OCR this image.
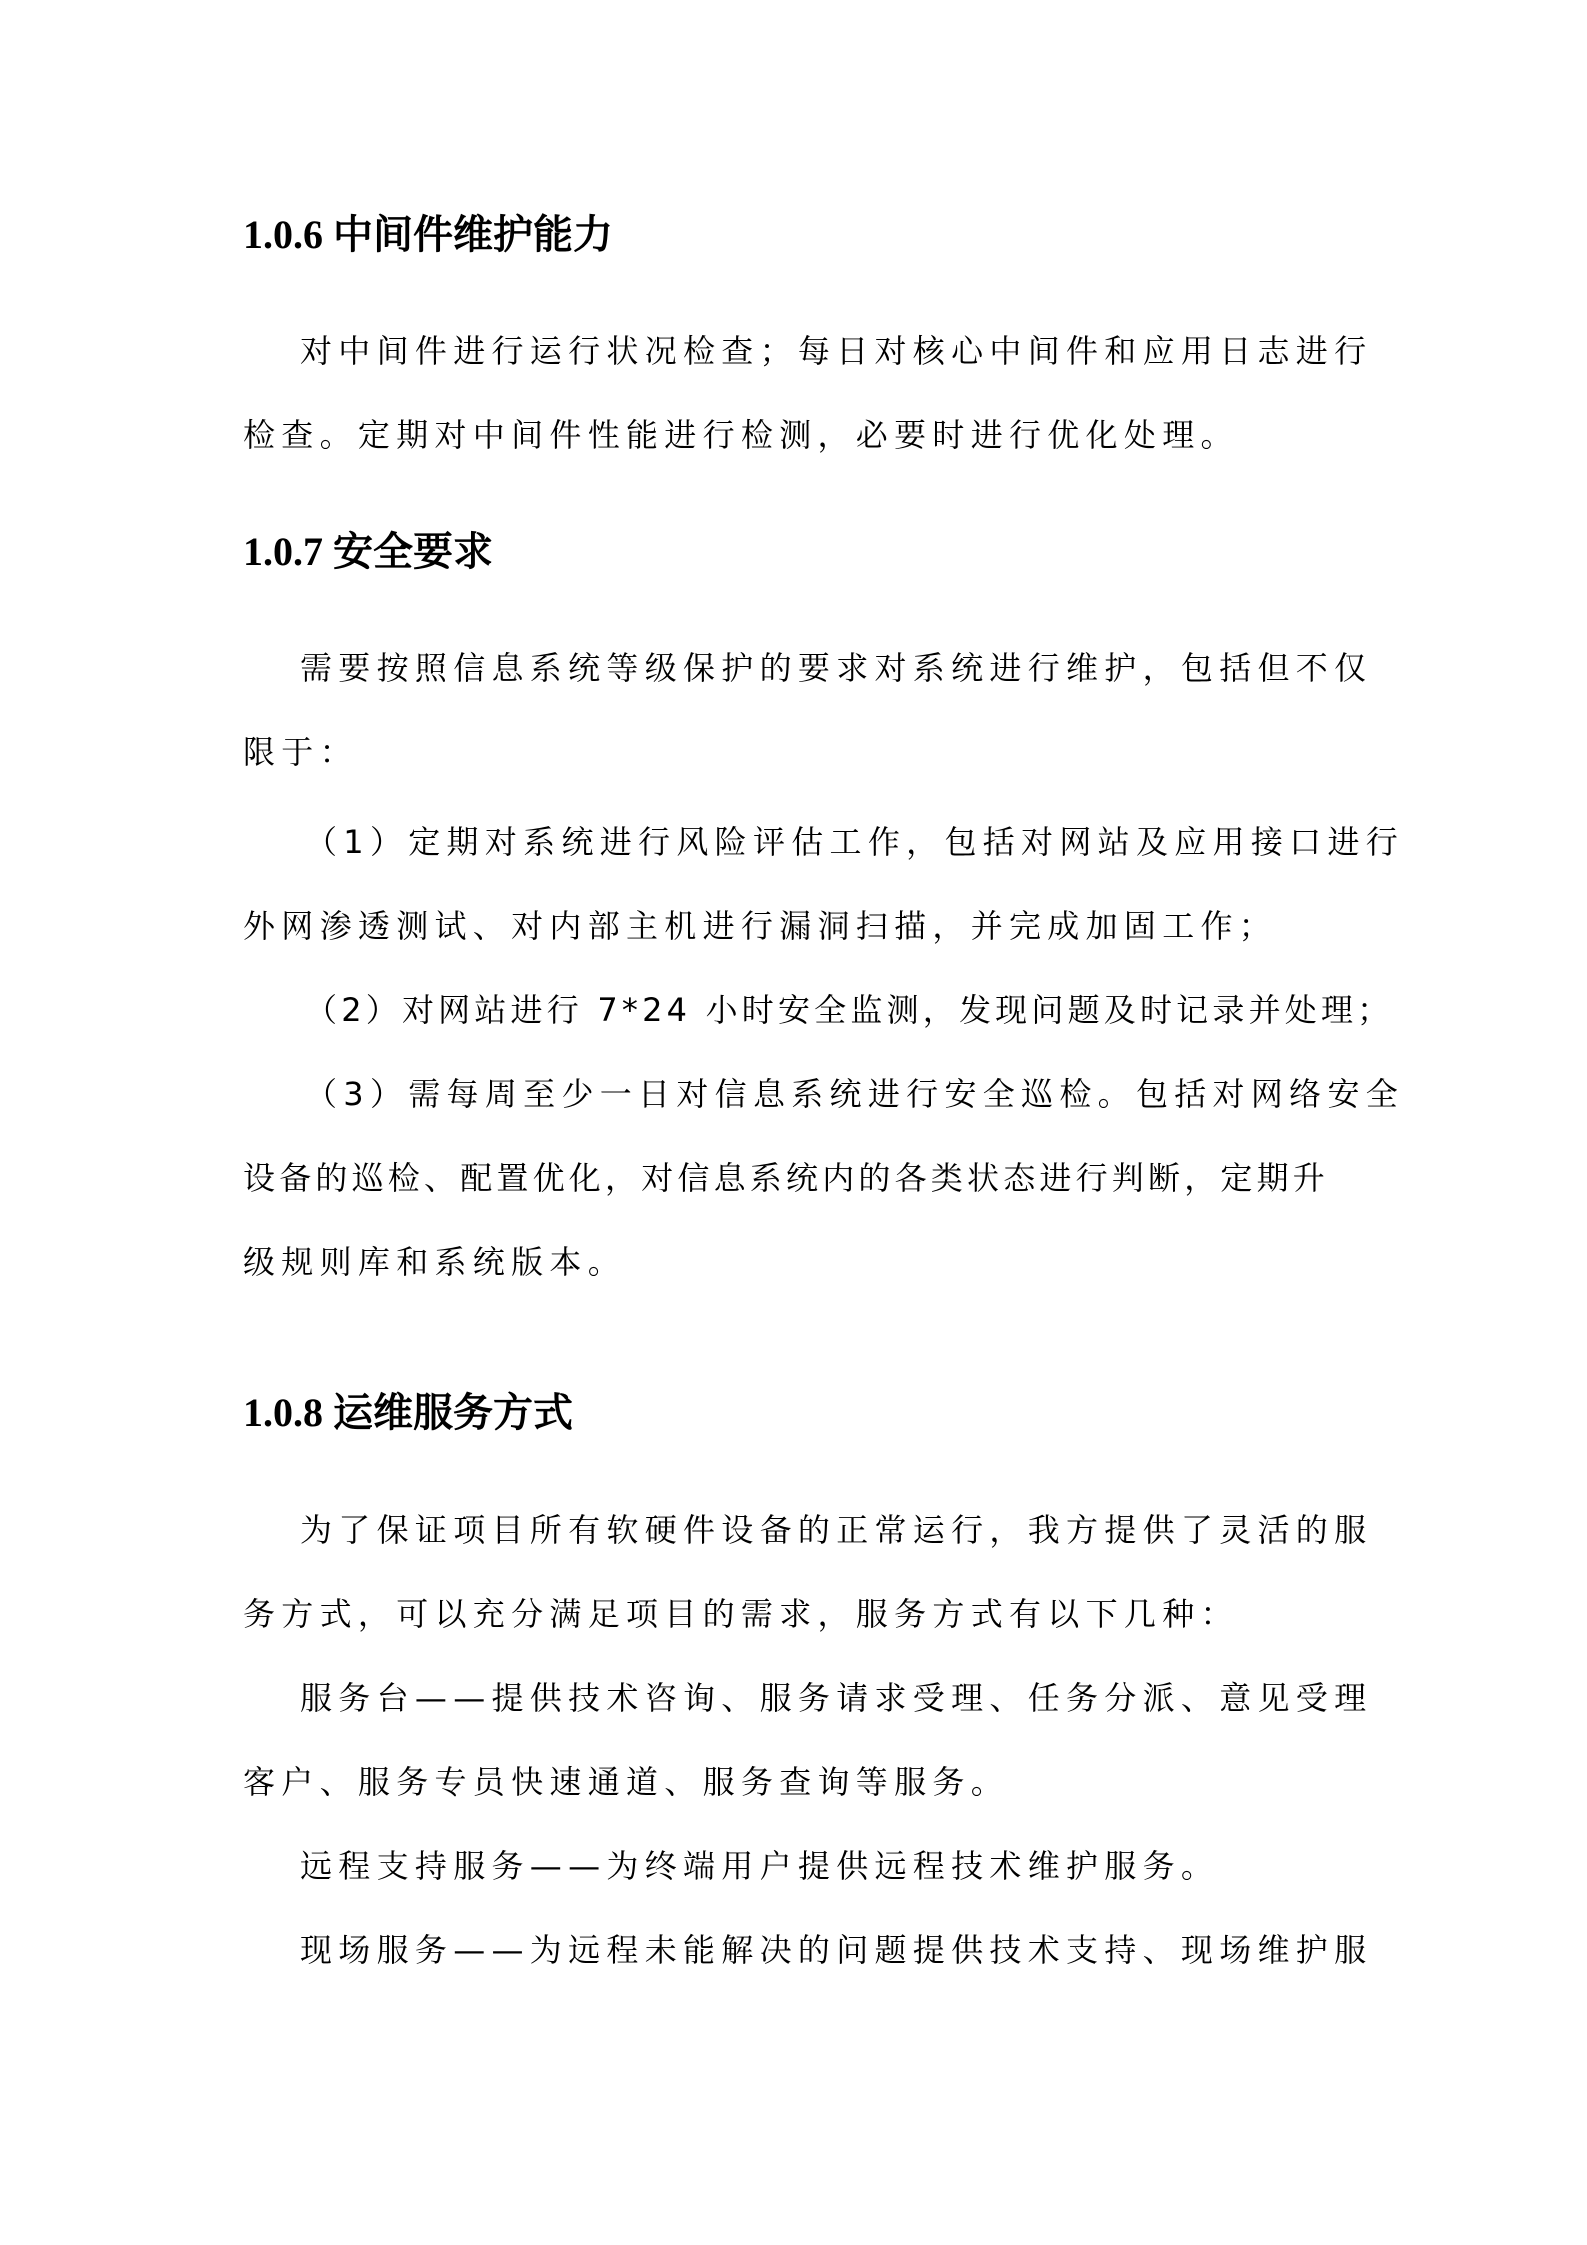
1.0.6 中间件维护能力
对中间件进行运行状况检查；每日对核心中间件和应用日志进行
检查。定期对中间件性能进行检测，必要时进行优化处理。
1.0.7 安全要求
需要按照信息系统等级保护的要求对系统进行维护，包括但不仅
限于：
（1）定期对系统进行风险评估工作，包括对网站及应用接口进行
外网渗透测试、对内部主机进行漏洞扫描，并完成加固工作；
（2）对网站进行 7*24 小时安全监测，发现问题及时记录并处理；
（3）需每周至少一日对信息系统进行安全巡检。包括对网络安全
设备的巡检、配置优化，对信息系统内的各类状态进行判断，定期升
级规则库和系统版本。
1.0.8 运维服务方式
为了保证项目所有软硬件设备的正常运行，我方提供了灵活的服
务方式，可以充分满足项目的需求，服务方式有以下几种：
服务台——提供技术咨询、服务请求受理、任务分派、意见受理
客户、服务专员快速通道、服务查询等服务。
远程支持服务——为终端用户提供远程技术维护服务。
现场服务——为远程未能解决的问题提供技术支持、现场维护服
